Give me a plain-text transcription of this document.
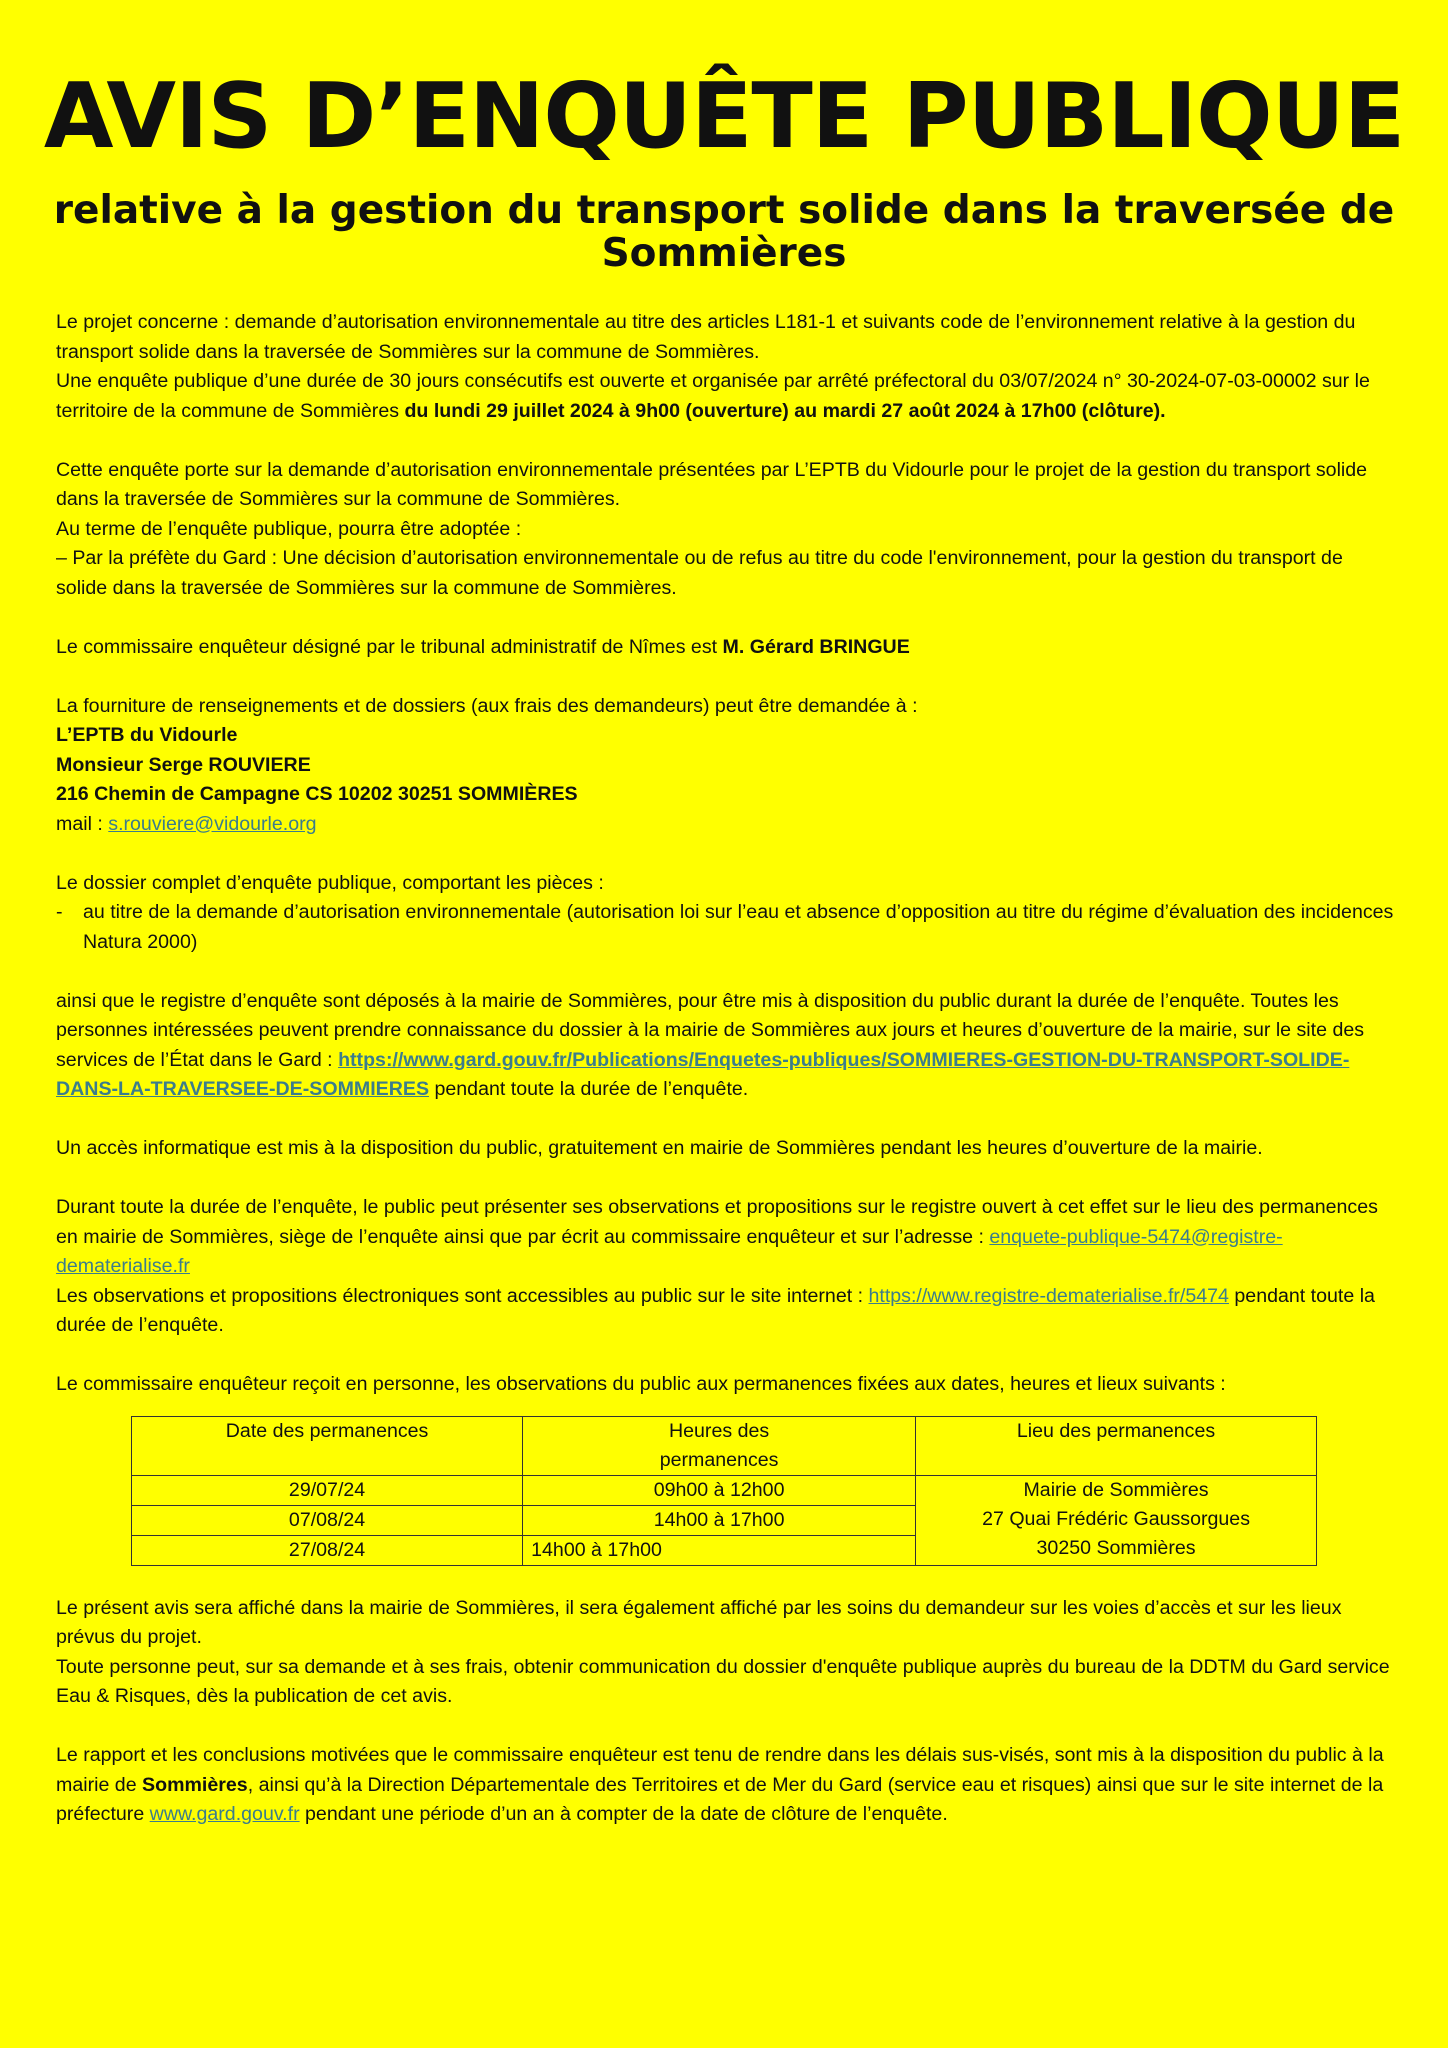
AVIS D’ENQUÊTE PUBLIQUE
relative à la gestion du transport solide dans la traversée de Sommières

Le projet concerne : demande d’autorisation environnementale au titre des articles L181-1 et suivants code de l’environnement relative à la gestion du transport solide dans la traversée de Sommières sur la commune de Sommières.

Une enquête publique d’une durée de 30 jours consécutifs est ouverte et organisée par arrêté préfectoral du 03/07/2024 n° 30-2024-07-03-00002 sur le territoire de la commune de Sommières du lundi 29 juillet 2024 à 9h00 (ouverture) au mardi 27 août 2024 à 17h00 (clôture).

Cette enquête porte sur la demande d’autorisation environnementale présentées par L’EPTB du Vidourle pour le projet de la gestion du transport solide dans la traversée de Sommières sur la commune de Sommières.

Au terme de l’enquête publique, pourra être adoptée :

– Par la préfète du Gard : Une décision d’autorisation environnementale ou de refus au titre du code l'environnement, pour la gestion du transport de solide dans la traversée de Sommières sur la commune de Sommières.

Le commissaire enquêteur désigné par le tribunal administratif de Nîmes est M. Gérard BRINGUE

La fourniture de renseignements et de dossiers (aux frais des demandeurs) peut être demandée à :

L’EPTB du Vidourle

Monsieur Serge ROUVIERE

216 Chemin de Campagne CS 10202 30251 SOMMIÈRES

mail : s.rouviere@vidourle.org

Le dossier complet d’enquête publique, comportant les pièces :

-	au titre de la demande d’autorisation environnementale (autorisation loi sur l’eau et absence d’opposition au titre du régime d’évaluation des incidences Natura 2000)

ainsi que le registre d’enquête sont déposés à la mairie de Sommières, pour être mis à disposition du public durant la durée de l’enquête. Toutes les personnes intéressées peuvent prendre connaissance du dossier à la mairie de Sommières aux jours et heures d’ouverture de la mairie, sur le site des services de l’État dans le Gard : https://www.gard.gouv.fr/Publications/Enquetes-publiques/SOMMIERES-GESTION-DU-TRANSPORT-SOLIDE-DANS-LA-TRAVERSEE-DE-SOMMIERES pendant toute la durée de l’enquête.

Un accès informatique est mis à la disposition du public, gratuitement en mairie de Sommières pendant les heures d’ouverture de la mairie.

Durant toute la durée de l’enquête, le public peut présenter ses observations et propositions sur le registre ouvert à cet effet sur le lieu des permanences en mairie de Sommières, siège de l’enquête ainsi que par écrit au commissaire enquêteur et sur l’adresse : enquete-publique-5474@registre-dematerialise.fr

Les observations et propositions électroniques sont accessibles au public sur le site internet : https://www.registre-dematerialise.fr/5474 pendant toute la durée de l’enquête.

Le commissaire enquêteur reçoit en personne, les observations du public aux permanences fixées aux dates, heures et lieux suivants :

Date des permanences	Heures des permanences	Lieu des permanences
29/07/24	09h00 à 12h00	Mairie de Sommières
27 Quai Frédéric Gaussorgues
30250 Sommières

07/08/24	14h00 à 17h00	
27/08/24	14h00 à 17h00	

Le présent avis sera affiché dans la mairie de Sommières, il sera également affiché par les soins du demandeur sur les voies d’accès et sur les lieux prévus du projet.

Toute personne peut, sur sa demande et à ses frais, obtenir communication du dossier d'enquête publique auprès du bureau de la DDTM du Gard service Eau & Risques, dès la publication de cet avis.

Le rapport et les conclusions motivées que le commissaire enquêteur est tenu de rendre dans les délais sus-visés, sont mis à la disposition du public à la mairie de Sommières, ainsi qu’à la Direction Départementale des Territoires et de Mer du Gard (service eau et risques) ainsi que sur le site internet de la préfecture www.gard.gouv.fr pendant une période d’un an à compter de la date de clôture de l’enquête.
